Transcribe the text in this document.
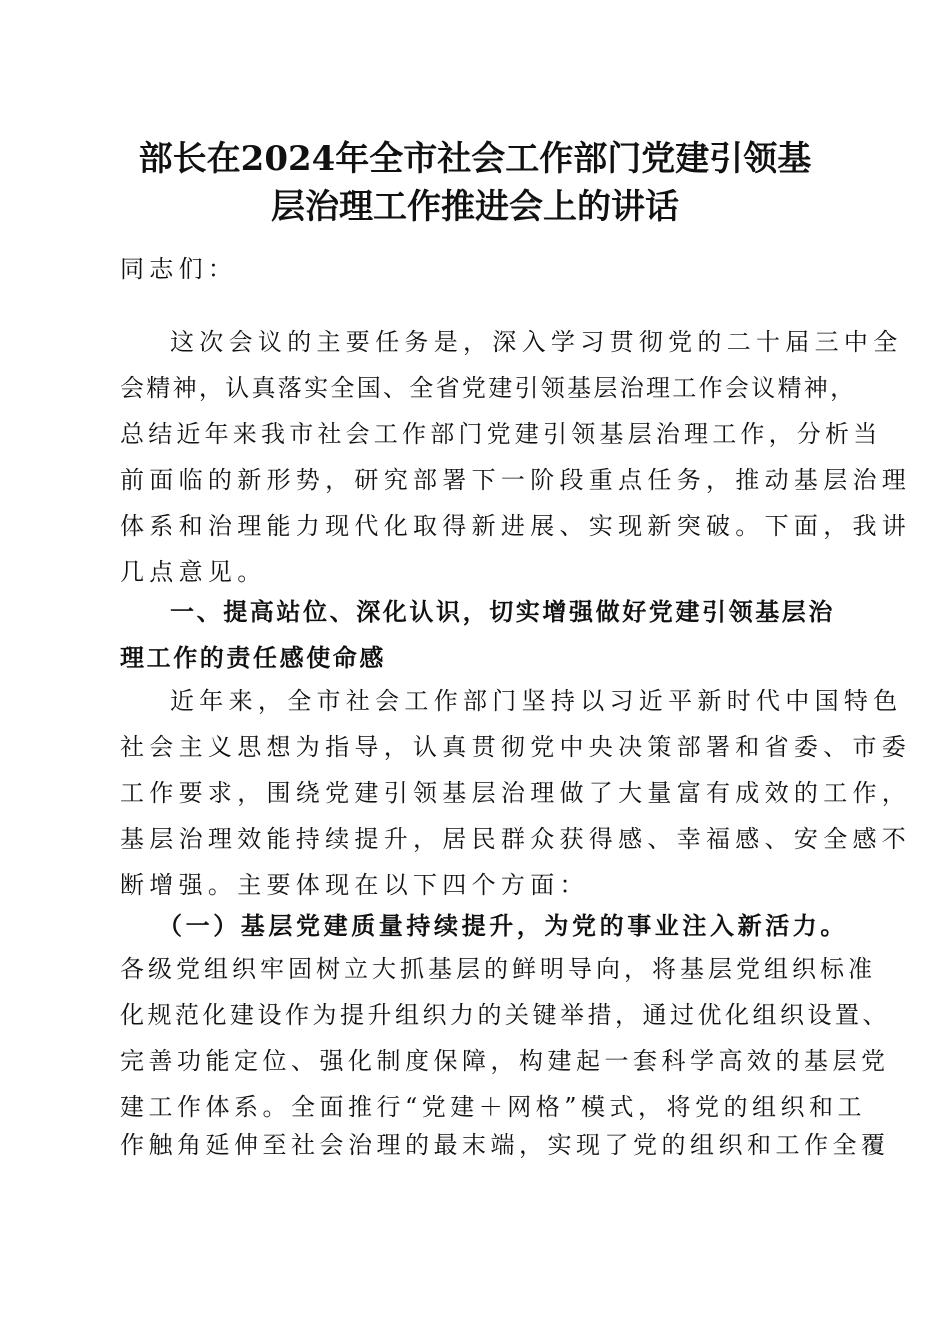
部长在2024年全市社会工作部门党建引领基
层治理工作推进会上的讲话
同志们：
这次会议的主要任务是，深入学习贯彻党的二十届三中全
会精神，认真落实全国、全省党建引领基层治理工作会议精神，
总结近年来我市社会工作部门党建引领基层治理工作，分析当
前面临的新形势，研究部署下一阶段重点任务，推动基层治理
体系和治理能力现代化取得新进展、实现新突破。下面，我讲
几点意见。
一、提高站位、深化认识，切实增强做好党建引领基层治
理工作的责任感使命感
近年来，全市社会工作部门坚持以习近平新时代中国特色
社会主义思想为指导，认真贯彻党中央决策部署和省委、市委
工作要求，围绕党建引领基层治理做了大量富有成效的工作，
基层治理效能持续提升，居民群众获得感、幸福感、安全感不
断增强。主要体现在以下四个方面：
（一）基层党建质量持续提升，为党的事业注入新活力。
各级党组织牢固树立大抓基层的鲜明导向，将基层党组织标准
化规范化建设作为提升组织力的关键举措，通过优化组织设置、
完善功能定位、强化制度保障，构建起一套科学高效的基层党
建工作体系。全面推行“党建＋网格”模式，将党的组织和工
作触角延伸至社会治理的最末端，实现了党的组织和工作全覆
